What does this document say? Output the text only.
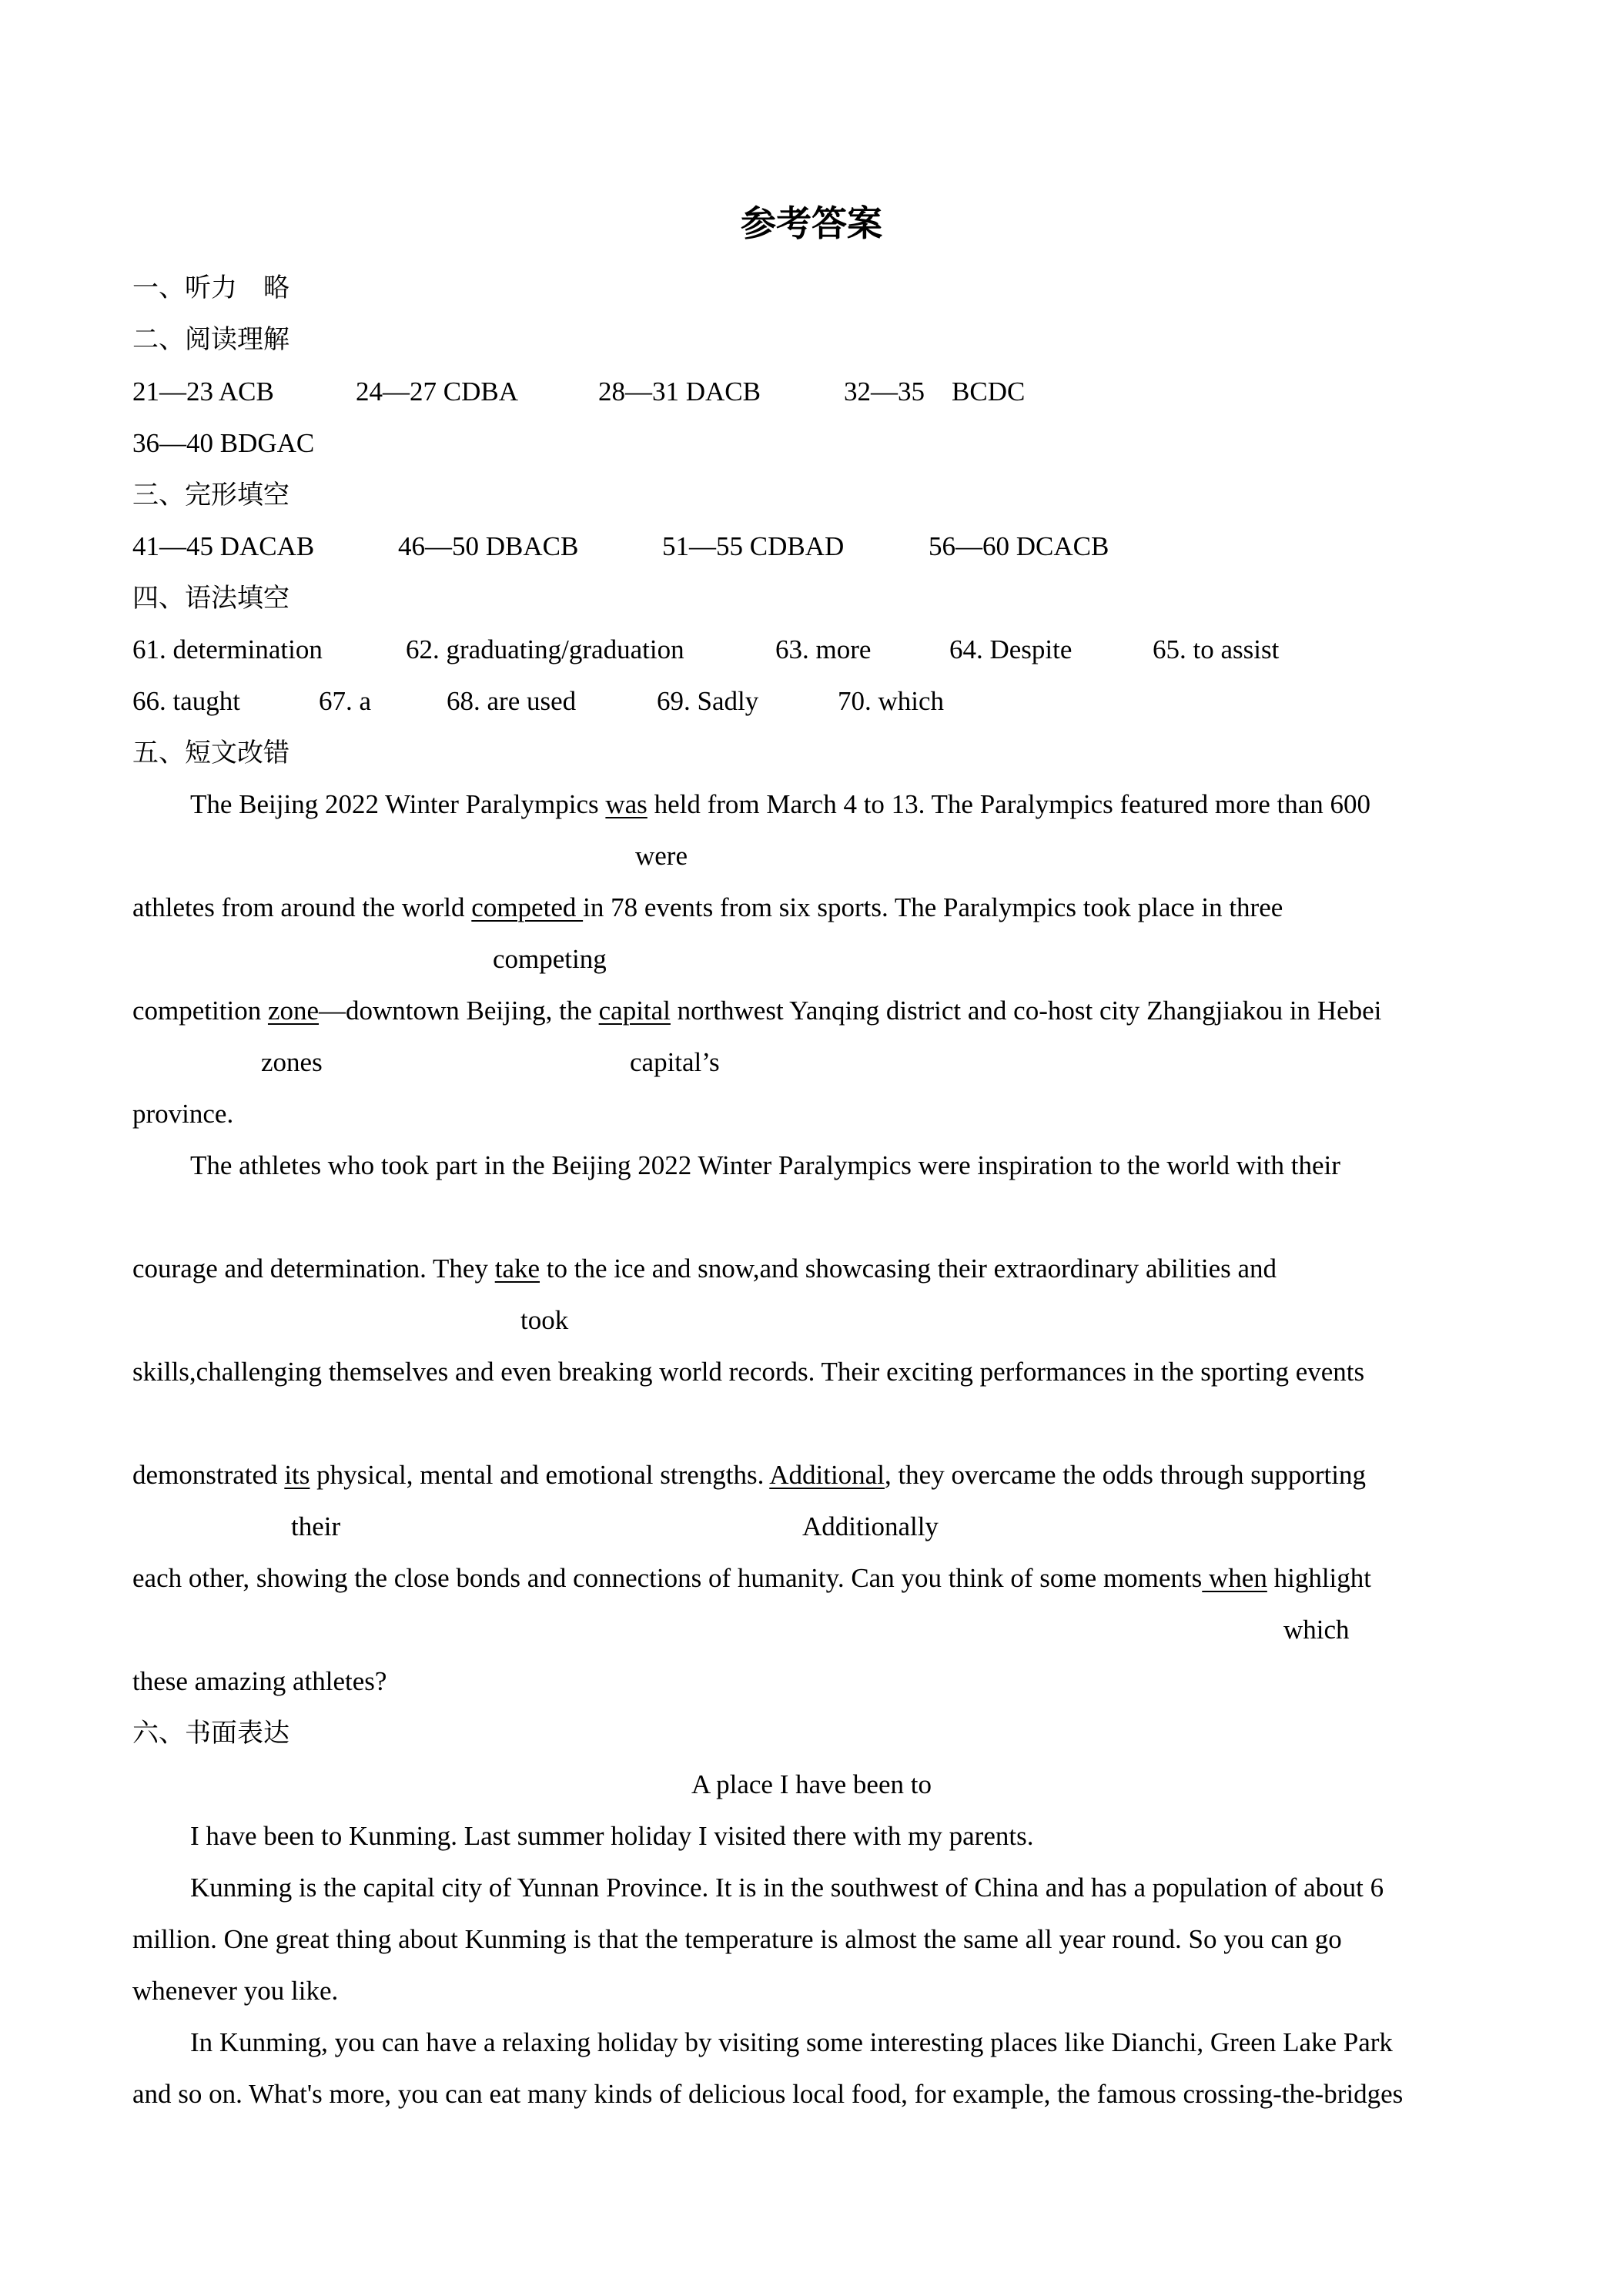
参考答案
一、听力　略
二、阅读理解
21—23 ACB	24—27 CDBA	28—31 DACB	32—35　BCDC
36—40 BDGAC
三、完形填空
41—45 DACAB	46—50 DBACB	51—55 CDBAD	56—60 DCACB
四、语法填空
61. determination	62. graduating/graduation	63. more	64. Despite	65. to assist
66. taught	67. a	68. are used	69. Sadly	70. which
五、短文改错
The Beijing 2022 Winter Paralympics was held from March 4 to 13. The Paralympics featured more than 600
were
athletes from around the world competed in 78 events from six sports. The Paralympics took place in three
competing
competition zone—downtown Beijing, the capital northwest Yanqing district and co-host city Zhangjiakou in Hebei
zones	capital’s
province.
The athletes who took part in the Beijing 2022 Winter Paralympics were inspiration to the world with their
courage and determination. They take to the ice and snow,and showcasing their extraordinary abilities and
took
skills,challenging themselves and even breaking world records. Their exciting performances in the sporting events
demonstrated its physical, mental and emotional strengths. Additional, they overcame the odds through supporting
their	Additionally
each other, showing the close bonds and connections of humanity. Can you think of some moments when highlight
which
these amazing athletes?
六、书面表达
A place I have been to
I have been to Kunming. Last summer holiday I visited there with my parents.
Kunming is the capital city of Yunnan Province. It is in the southwest of China and has a population of about 6
million. One great thing about Kunming is that the temperature is almost the same all year round. So you can go
whenever you like.
In Kunming, you can have a relaxing holiday by visiting some interesting places like Dianchi, Green Lake Park
and so on. What's more, you can eat many kinds of delicious local food, for example, the famous crossing-the-bridges
